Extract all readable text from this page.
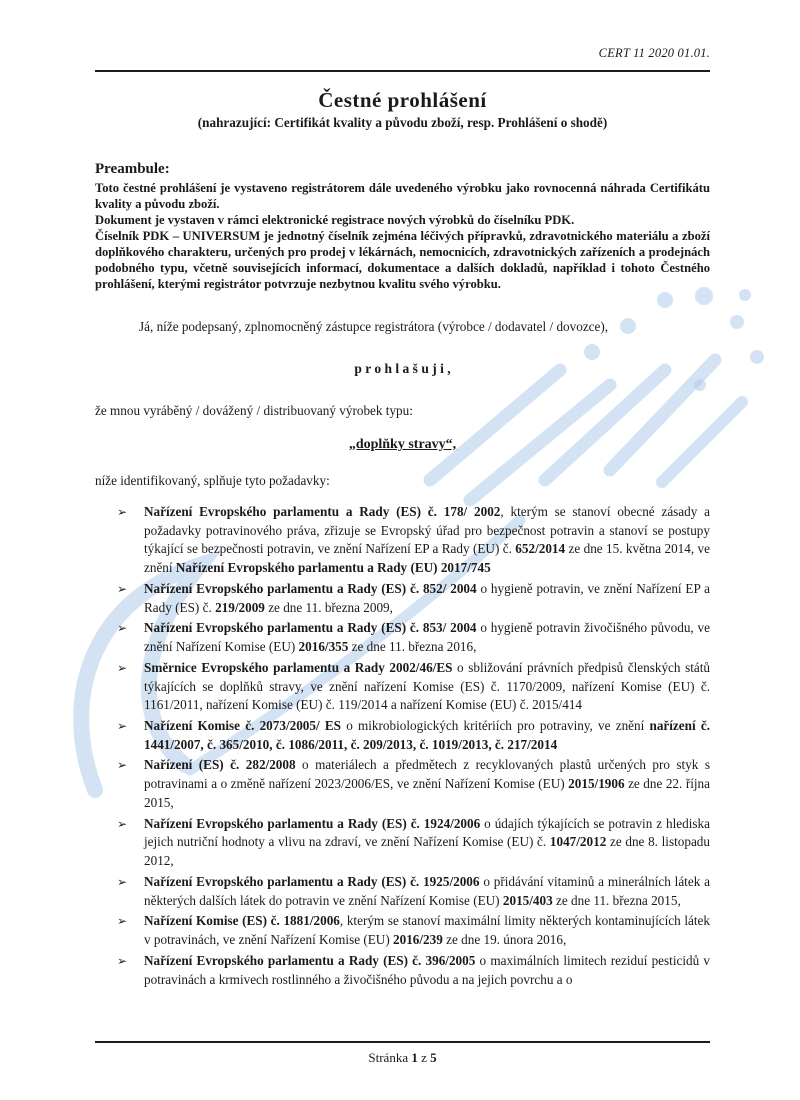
CERT 11 2020 01.01.
Čestné prohlášení
(nahrazující: Certifikát kvality a původu zboží, resp. Prohlášení o shodě)
Preambule:

Toto čestné prohlášení je vystaveno registrátorem dále uvedeného výrobku jako rovnocenná náhrada Certifikátu kvality a původu zboží.

Dokument je vystaven v rámci elektronické registrace nových výrobků do číselníku PDK.

Číselník PDK – UNIVERSUM je jednotný číselník zejména léčivých přípravků, zdravotnického materiálu a zboží doplňkového charakteru, určených pro prodej v lékárnách, nemocnicích, zdravotnických zařízeních a prodejnách podobného typu, včetně souvisejících informací, dokumentace a dalších dokladů, například i tohoto Čestného prohlášení, kterými registrátor potvrzuje nezbytnou kvalitu svého výrobku.

Já, níže podepsaný, zplnomocněný zástupce registrátora (výrobce / dodavatel / dovozce),

p r o h l a š u j i ,

že mnou vyráběný / dovážený / distribuovaný výrobek typu:

„doplňky stravy“,

níže identifikovaný, splňuje tyto požadavky:

➢ Nařízení Evropského parlamentu a Rady (ES) č. 178/ 2002, kterým se stanoví obecné zásady a požadavky potravinového práva, zřizuje se Evropský úřad pro bezpečnost potravin a stanoví se postupy týkající se bezpečnosti potravin, ve znění Nařízení EP a Rady (EU) č. 652/2014 ze dne 15. května 2014, ve znění Nařízení Evropského parlamentu a Rady (EU) 2017/745
➢ Nařízení Evropského parlamentu a Rady (ES) č. 852/ 2004 o hygieně potravin, ve znění Nařízení EP a Rady (ES) č. 219/2009 ze dne 11. března 2009,
➢ Nařízení Evropského parlamentu a Rady (ES) č. 853/ 2004 o hygieně potravin živočišného původu, ve znění Nařízení Komise (EU) 2016/355 ze dne 11. března 2016,
➢ Směrnice Evropského parlamentu a Rady 2002/46/ES o sbližování právních předpisů členských států týkajících se doplňků stravy, ve znění nařízení Komise (ES) č. 1170/2009, nařízení Komise (EU) č. 1161/2011, nařízení Komise (EU) č. 119/2014 a nařízení Komise (EU) č. 2015/414
➢ Nařízení Komise č. 2073/2005/ ES o mikrobiologických kritériích pro potraviny, ve znění nařízení č. 1441/2007, č. 365/2010, č. 1086/2011, č. 209/2013, č. 1019/2013, č. 217/2014
➢ Nařízení (ES) č. 282/2008 o materiálech a předmětech z recyklovaných plastů určených pro styk s potravinami a o změně nařízení 2023/2006/ES, ve znění Nařízení Komise (EU) 2015/1906 ze dne 22. října 2015,
➢ Nařízení Evropského parlamentu a Rady (ES) č. 1924/2006 o údajích týkajících se potravin z hlediska jejich nutriční hodnoty a vlivu na zdraví, ve znění Nařízení Komise (EU) č. 1047/2012 ze dne 8. listopadu 2012,
➢ Nařízení Evropského parlamentu a Rady (ES) č. 1925/2006 o přidávání vitaminů a minerálních látek a některých dalších látek do potravin ve znění Nařízení Komise (EU) 2015/403 ze dne 11. března 2015,
➢ Nařízení Komise (ES) č. 1881/2006, kterým se stanoví maximální limity některých kontaminujících látek v potravinách, ve znění Nařízení Komise (EU) 2016/239 ze dne 19. února 2016,
➢ Nařízení Evropského parlamentu a Rady (ES) č. 396/2005 o maximálních limitech reziduí pesticidů v potravinách a krmivech rostlinného a živočišného původu a na jejich povrchu a o
Stránka 1 z 5
